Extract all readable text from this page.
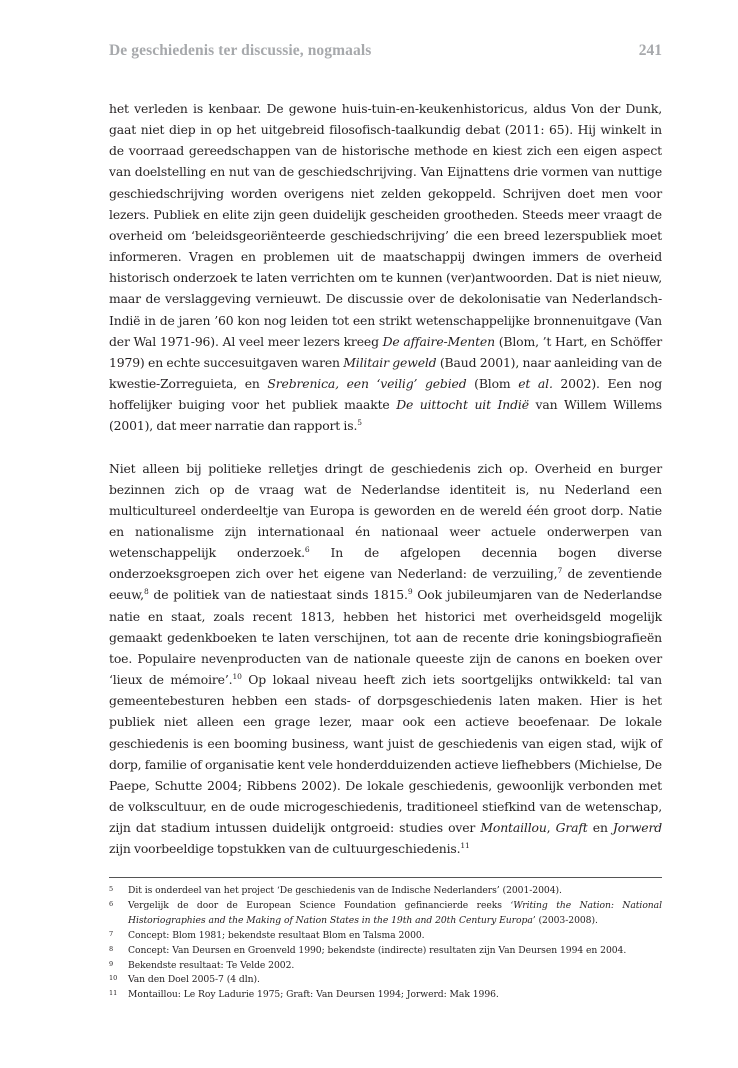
De geschiedenis ter discussie, nogmaals	241

het verleden is kenbaar. De gewone huis-tuin-en-keukenhistoricus, aldus Von der Dunk, gaat niet diep in op het uitgebreid filosofisch-taalkundig debat (2011: 65). Hij winkelt in de voorraad gereedschappen van de historische methode en kiest zich een eigen aspect van doelstelling en nut van de geschiedschrijving. Van Eijnattens drie vormen van nuttige geschiedschrijving worden overigens niet zelden gekoppeld. Schrijven doet men voor lezers. Publiek en elite zijn geen duidelijk gescheiden grootheden. Steeds meer vraagt de overheid om ‘beleidsgeoriënteerde geschiedschrijving’ die een breed lezerspubliek moet informeren. Vragen en problemen uit de maatschappij dwingen immers de overheid historisch onderzoek te laten verrichten om te kunnen (ver)antwoorden. Dat is niet nieuw, maar de verslaggeving vernieuwt. De discussie over de dekolonisatie van Nederlandsch-Indië in de jaren ’60 kon nog leiden tot een strikt wetenschappelijke bronnenuitgave (Van der Wal 1971-96). Al veel meer lezers kreeg De affaire-Menten (Blom, ’t Hart, en Schöffer 1979) en echte succesuitgaven waren Militair geweld (Baud 2001), naar aanleiding van de kwestie-Zorreguieta, en Srebrenica, een ‘veilig’ gebied (Blom et al. 2002). Een nog hoffelijker buiging voor het publiek maakte De uittocht uit Indië van Willem Willems (2001), dat meer narratie dan rapport is.$^5$

Niet alleen bij politieke relletjes dringt de geschiedenis zich op. Overheid en burger bezinnen zich op de vraag wat de Nederlandse identiteit is, nu Nederland een multicultureel onderdeeltje van Europa is geworden en de wereld één groot dorp. Natie en nationalisme zijn internationaal én nationaal weer actuele onderwerpen van wetenschappelijk onderzoek.$^6$ In de afgelopen decennia bogen diverse onderzoeksgroepen zich over het eigene van Nederland: de verzuiling,$^7$ de zeventiende eeuw,$^8$ de politiek van de natiestaat sinds 1815.$^9$ Ook jubileumjaren van de Nederlandse natie en staat, zoals recent 1813, hebben het historici met overheidsgeld mogelijk gemaakt gedenkboeken te laten verschijnen, tot aan de recente drie koningsbiografieën toe. Populaire nevenproducten van de nationale queeste zijn de canons en boeken over ‘lieux de mémoire’.$^{10}$ Op lokaal niveau heeft zich iets soortgelijks ontwikkeld: tal van gemeentebesturen hebben een stads- of dorpsgeschiedenis laten maken. Hier is het publiek niet alleen een grage lezer, maar ook een actieve beoefenaar. De lokale geschiedenis is een booming business, want juist de geschiedenis van eigen stad, wijk of dorp, familie of organisatie kent vele honderdduizenden actieve liefhebbers (Michielse, De Paepe, Schutte 2004; Ribbens 2002). De lokale geschiedenis, gewoonlijk verbonden met de volkscultuur, en de oude microgeschiedenis, traditioneel stiefkind van de wetenschap, zijn dat stadium intussen duidelijk ontgroeid: studies over Montaillou, Graft en Jorwerd zijn voorbeeldige topstukken van de cultuurgeschiedenis.$^{11}$

5 Dit is onderdeel van het project ‘De geschiedenis van de Indische Nederlanders’ (2001-2004).
6 Vergelijk de door de European Science Foundation gefinancierde reeks ‘Writing the Nation: National Historiographies and the Making of Nation States in the 19th and 20th Century Europa’ (2003-2008).
7 Concept: Blom 1981; bekendste resultaat Blom en Talsma 2000.
8 Concept: Van Deursen en Groenveld 1990; bekendste (indirecte) resultaten zijn Van Deursen 1994 en 2004.
9 Bekendste resultaat: Te Velde 2002.
10 Van den Doel 2005-7 (4 dln).
11 Montaillou: Le Roy Ladurie 1975; Graft: Van Deursen 1994; Jorwerd: Mak 1996.
